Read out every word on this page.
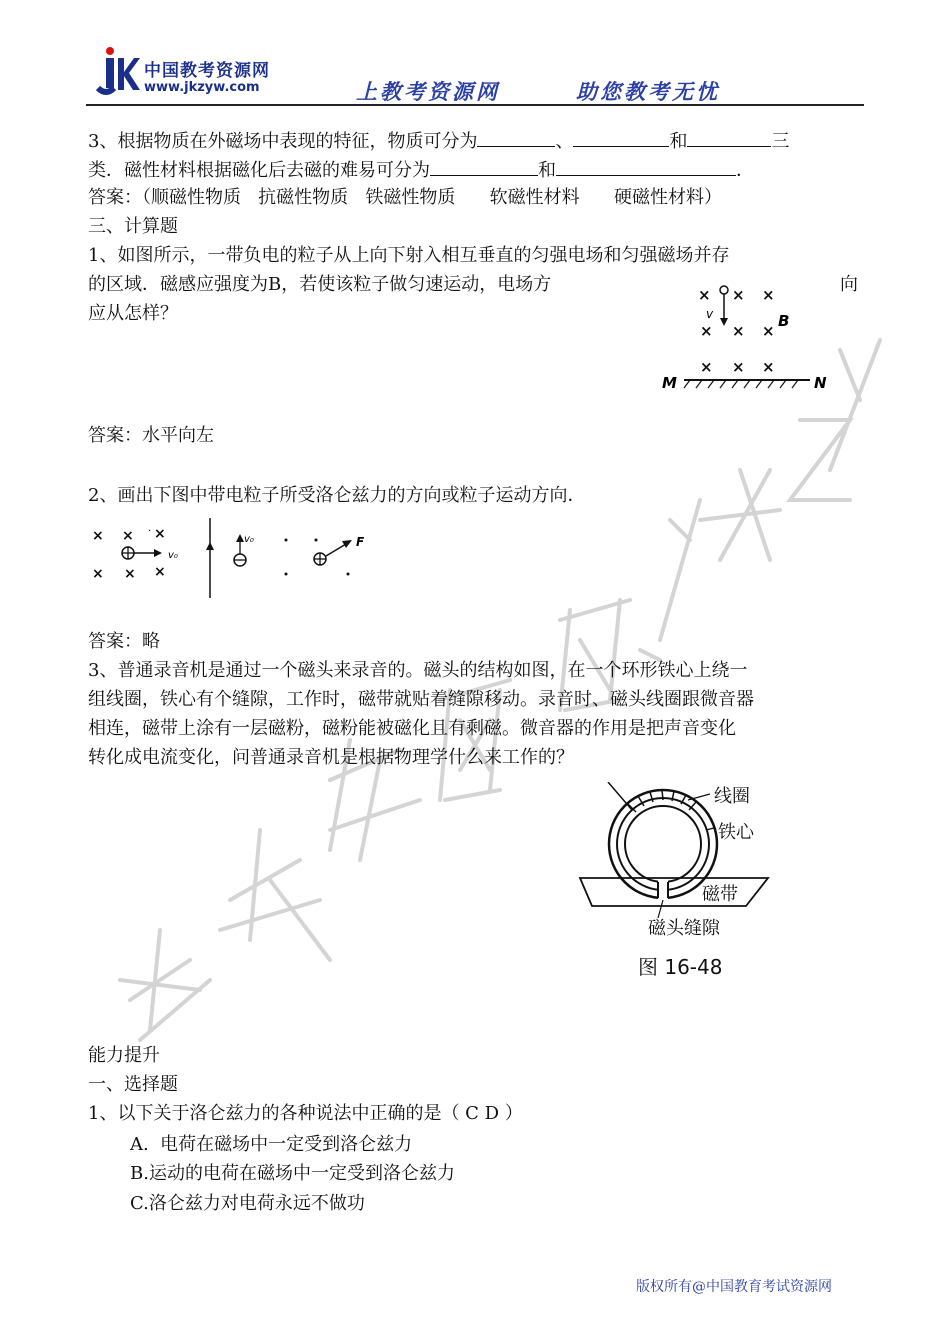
中国教考资源网
www.jkzyw.com	上教考资源网	助您教考无忧
3、根据物质在外磁场中表现的特征，物质可分为	、	和	三
类．磁性材料根据磁化后去磁的难易可分为	和	．
答案：（顺磁性物质   抗磁性物质   铁磁性物质      软磁性材料      硬磁性材料）
三、计算题
1、如图所示，一带负电的粒子从上向下射入相互垂直的匀强电场和匀强磁场并存
的区域．磁感应强度为B，若使该粒子做匀速运动，电场方	向
应从怎样？
× × ×
× × ×
× × ×
v	B
M	N
答案：水平向左
2、画出下图中带电粒子所受洛仑兹力的方向或粒子运动方向．
× × ×
× × ×
·
v₀
v₀	F
答案：略
3、普通录音机是通过一个磁头来录音的。磁头的结构如图，在一个环形铁心上绕一
组线圈，铁心有个缝隙，工作时，磁带就贴着缝隙移动。录音时、磁头线圈跟微音器
相连，磁带上涂有一层磁粉，磁粉能被磁化且有剩磁。微音器的作用是把声音变化
转化成电流变化，问普通录音机是根据物理学什么来工作的？
线圈
铁心
磁带
磁头缝隙
图 16-48
能力提升
一、选择题
1、以下关于洛仑兹力的各种说法中正确的是（ C D ）
A.  电荷在磁场中一定受到洛仑兹力
B.运动的电荷在磁场中一定受到洛仑兹力
C.洛仑兹力对电荷永远不做功
版权所有@中国教育考试资源网
